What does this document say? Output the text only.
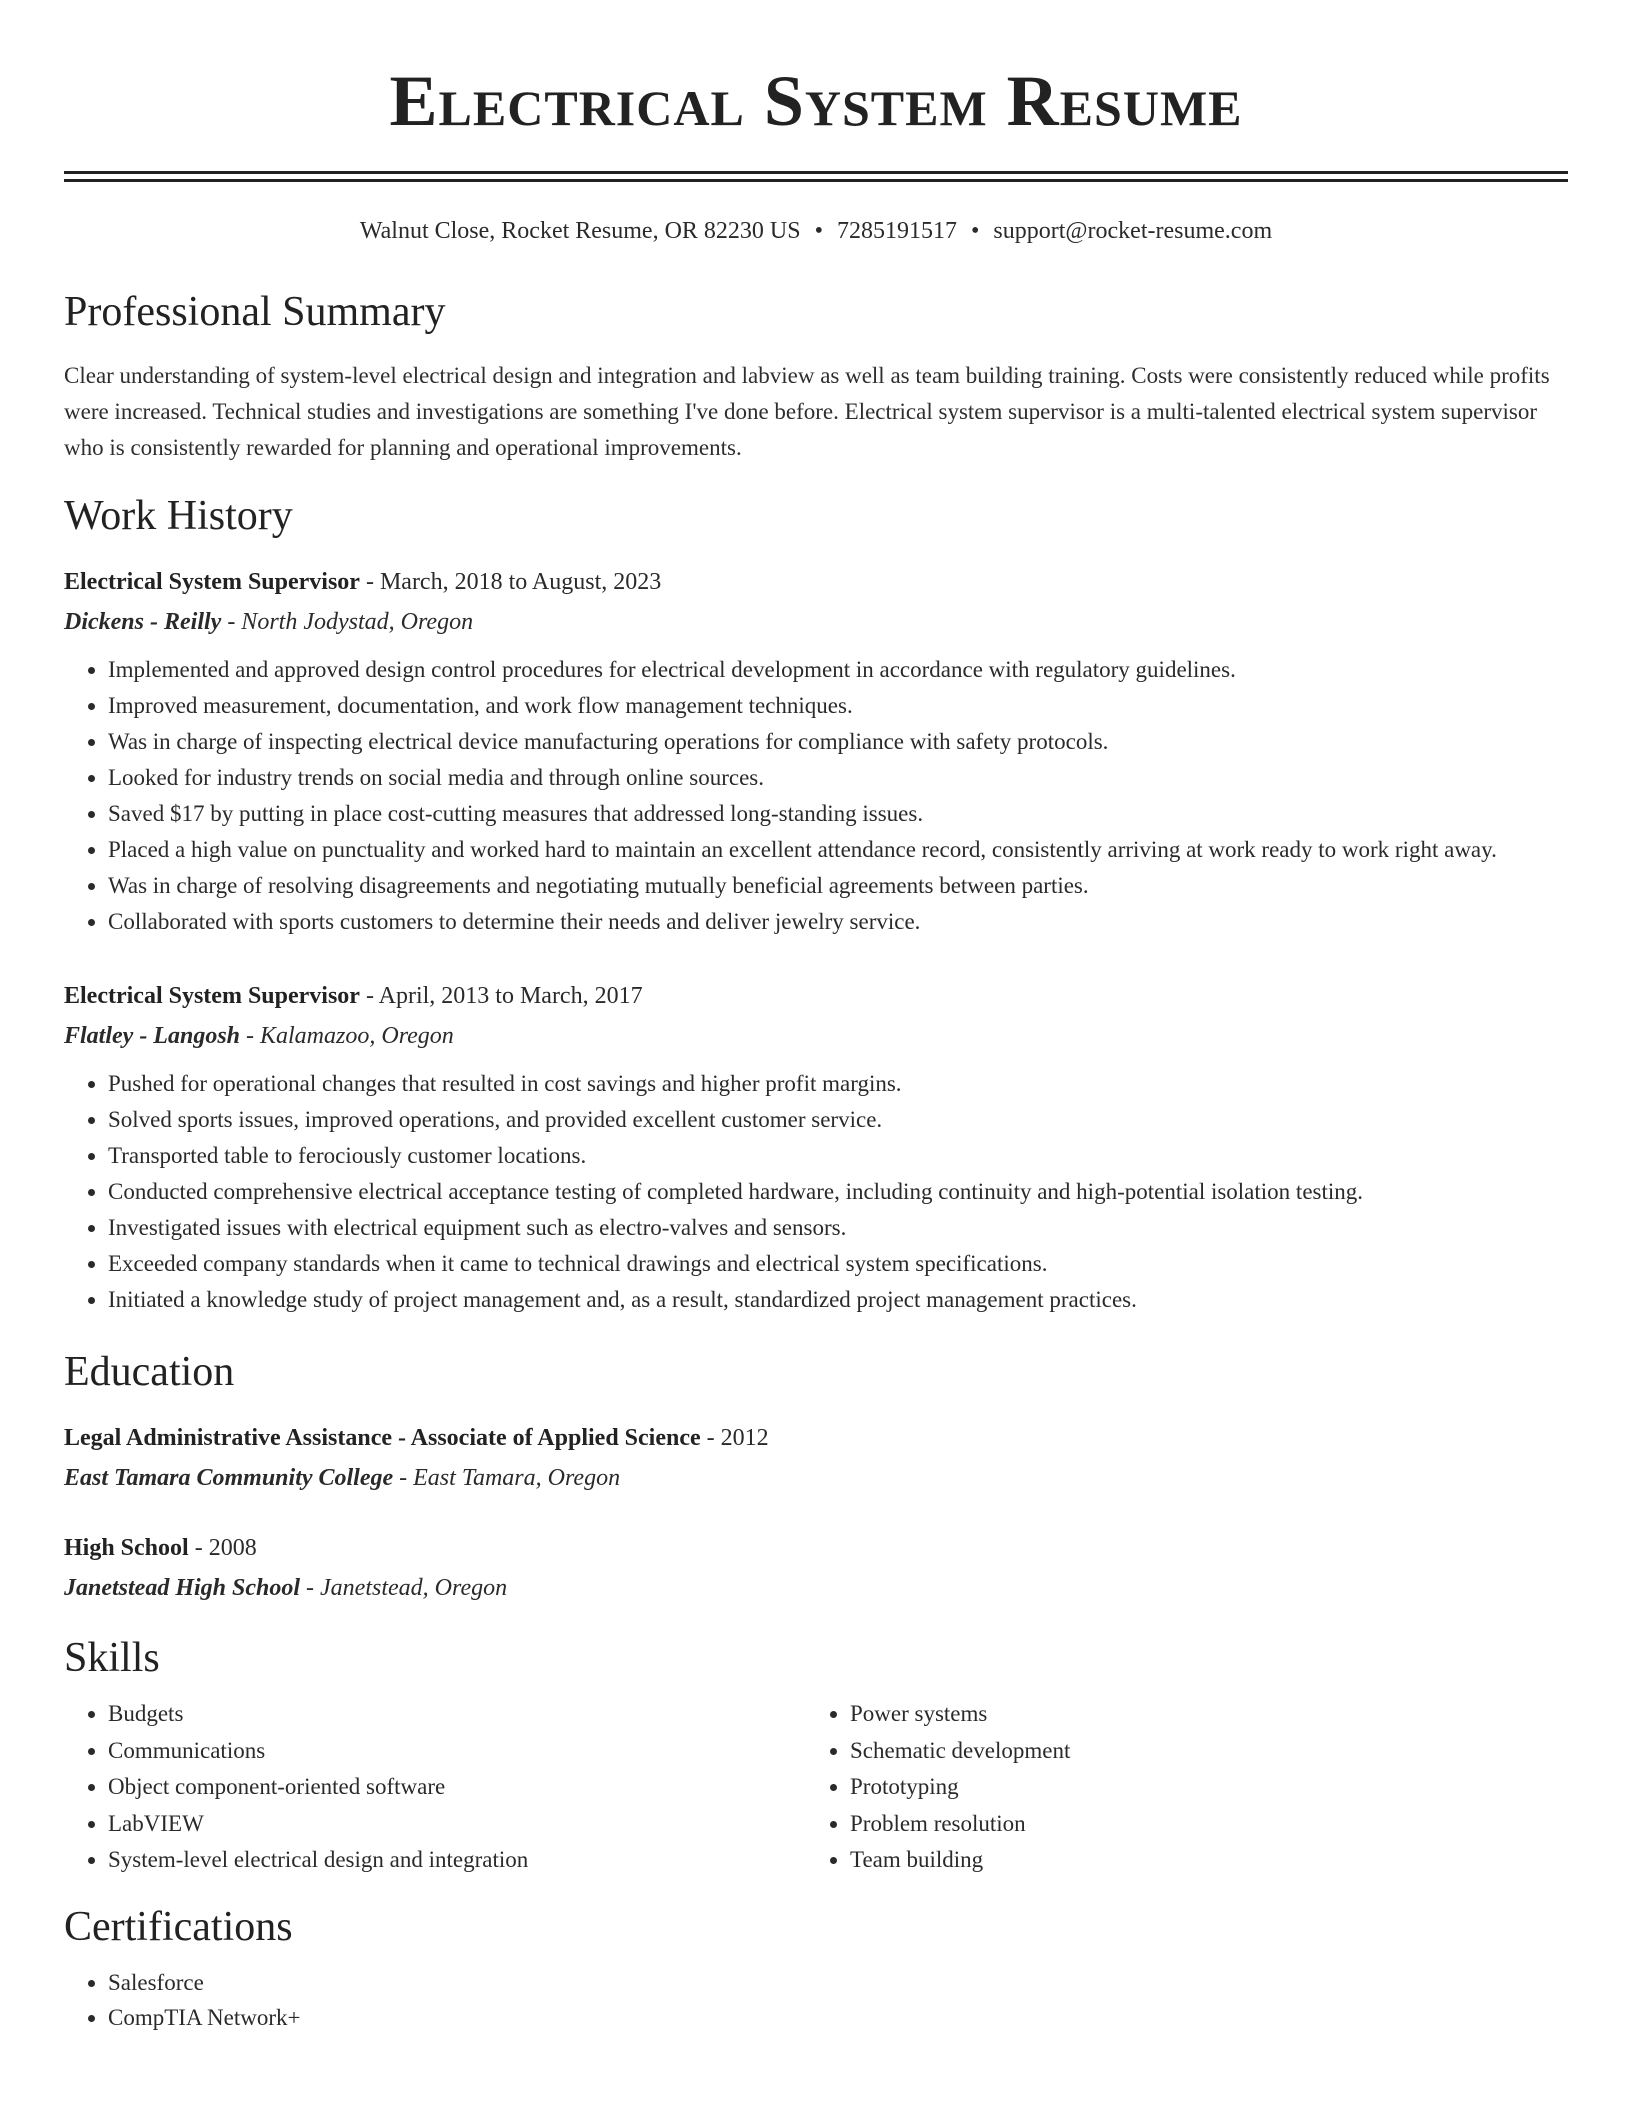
Electrical System Resume
Walnut Close, Rocket Resume, OR 82230 US • 7285191517 • support@rocket-resume.com
Professional Summary
Clear understanding of system-level electrical design and integration and labview as well as team building training. Costs were consistently reduced while profits were increased. Technical studies and investigations are something I've done before. Electrical system supervisor is a multi-talented electrical system supervisor who is consistently rewarded for planning and operational improvements.
Work History
Electrical System Supervisor - March, 2018 to August, 2023
Dickens - Reilly - North Jodystad, Oregon
• Implemented and approved design control procedures for electrical development in accordance with regulatory guidelines.
• Improved measurement, documentation, and work flow management techniques.
• Was in charge of inspecting electrical device manufacturing operations for compliance with safety protocols.
• Looked for industry trends on social media and through online sources.
• Saved $17 by putting in place cost-cutting measures that addressed long-standing issues.
• Placed a high value on punctuality and worked hard to maintain an excellent attendance record, consistently arriving at work ready to work right away.
• Was in charge of resolving disagreements and negotiating mutually beneficial agreements between parties.
• Collaborated with sports customers to determine their needs and deliver jewelry service.
Electrical System Supervisor - April, 2013 to March, 2017
Flatley - Langosh - Kalamazoo, Oregon
• Pushed for operational changes that resulted in cost savings and higher profit margins.
• Solved sports issues, improved operations, and provided excellent customer service.
• Transported table to ferociously customer locations.
• Conducted comprehensive electrical acceptance testing of completed hardware, including continuity and high-potential isolation testing.
• Investigated issues with electrical equipment such as electro-valves and sensors.
• Exceeded company standards when it came to technical drawings and electrical system specifications.
• Initiated a knowledge study of project management and, as a result, standardized project management practices.
Education
Legal Administrative Assistance - Associate of Applied Science - 2012
East Tamara Community College - East Tamara, Oregon
High School - 2008
Janetstead High School - Janetstead, Oregon
Skills
• Budgets
• Communications
• Object component-oriented software
• LabVIEW
• System-level electrical design and integration
• Power systems
• Schematic development
• Prototyping
• Problem resolution
• Team building
Certifications
• Salesforce
• CompTIA Network+
